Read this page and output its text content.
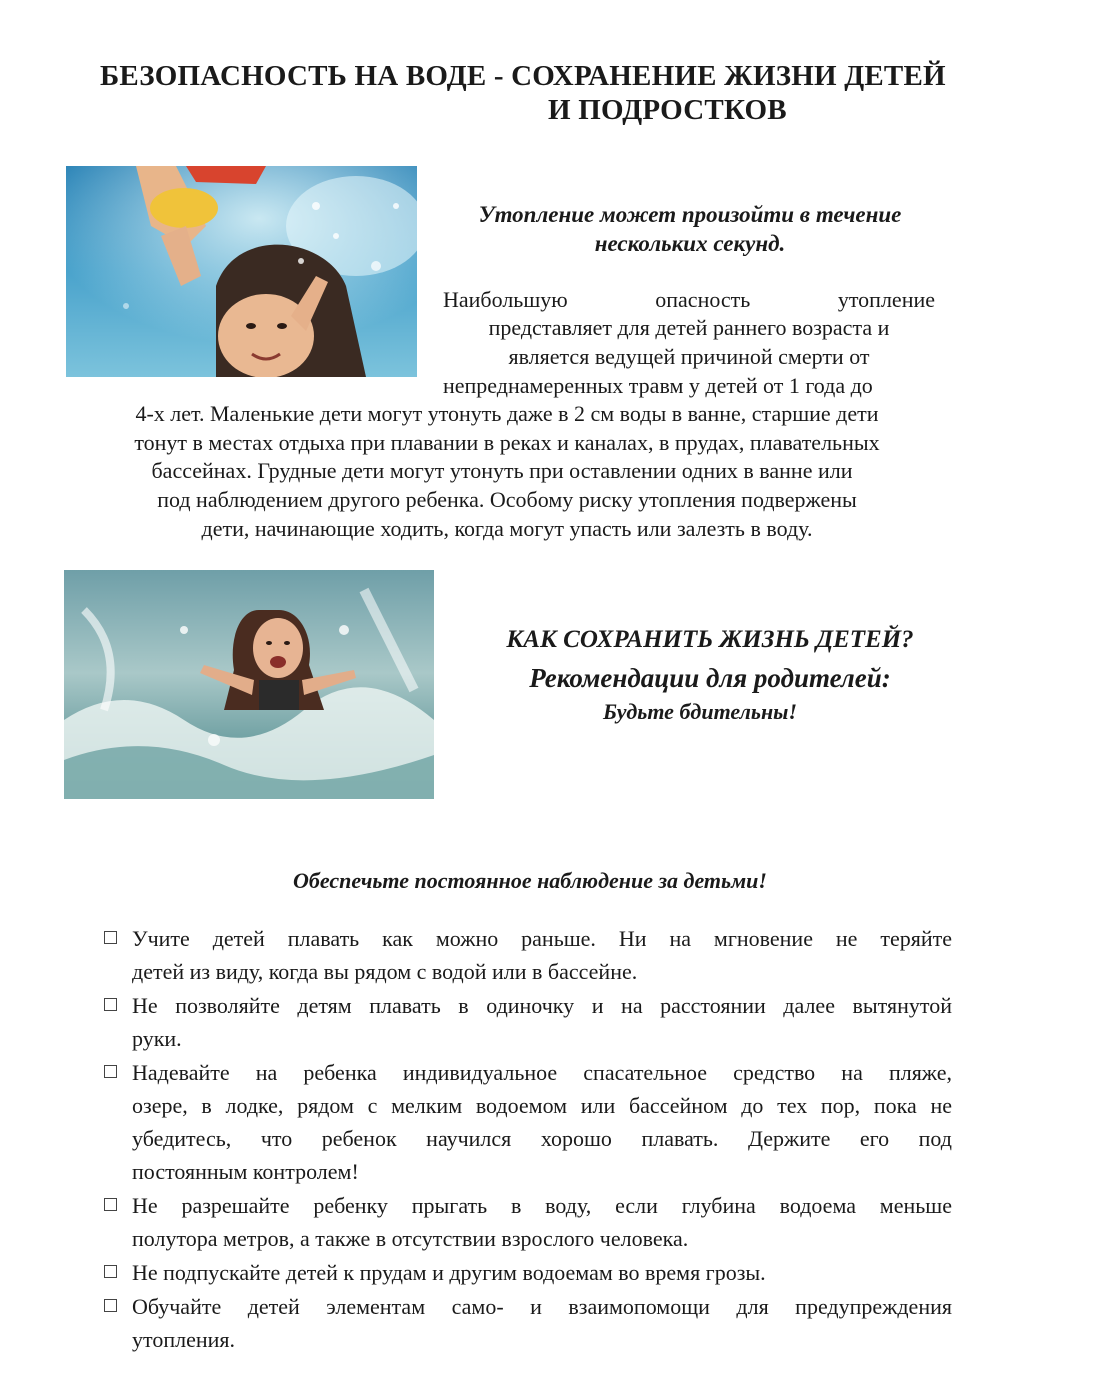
БЕЗОПАСНОСТЬ НА ВОДЕ - СОХРАНЕНИЕ ЖИЗНИ ДЕТЕЙ
И ПОДРОСТКОВ
Утопление может произойти в течение
нескольких секунд.
Наибольшую опасность утопление
представляет для детей раннего возраста и
является ведущей причиной смерти от
непреднамеренных травм у детей от 1 года до
4-х лет. Маленькие дети могут утонуть даже в 2 см воды в ванне, старшие дети
тонут в местах отдыха при плавании в реках и каналах, в прудах, плавательных
бассейнах. Грудные дети могут утонуть при оставлении одних в ванне или
под наблюдением другого ребенка. Особому риску утопления подвержены
дети, начинающие ходить, когда могут упасть или залезть в воду.
КАК СОХРАНИТЬ ЖИЗНЬ ДЕТЕЙ?
Рекомендации для родителей:
Будьте бдительны!
Обеспечьте постоянное наблюдение за детьми!
Учите детей плавать как можно раньше. Ни на мгновение не теряйте
детей из виду, когда вы рядом с водой или в бассейне.
Не позволяйте детям плавать в одиночку и на расстоянии далее вытянутой
руки.
Надевайте на ребенка индивидуальное спасательное средство на пляже,
озере, в лодке, рядом с мелким водоемом или бассейном до тех пор, пока не
убедитесь, что ребенок научился хорошо плавать. Держите его под
постоянным контролем!
Не разрешайте ребенку прыгать в воду, если глубина водоема меньше
полутора метров, а также в отсутствии взрослого человека.
Не подпускайте детей к прудам и другим водоемам во время грозы.
Обучайте детей элементам само- и взаимопомощи для предупреждения
утопления.
